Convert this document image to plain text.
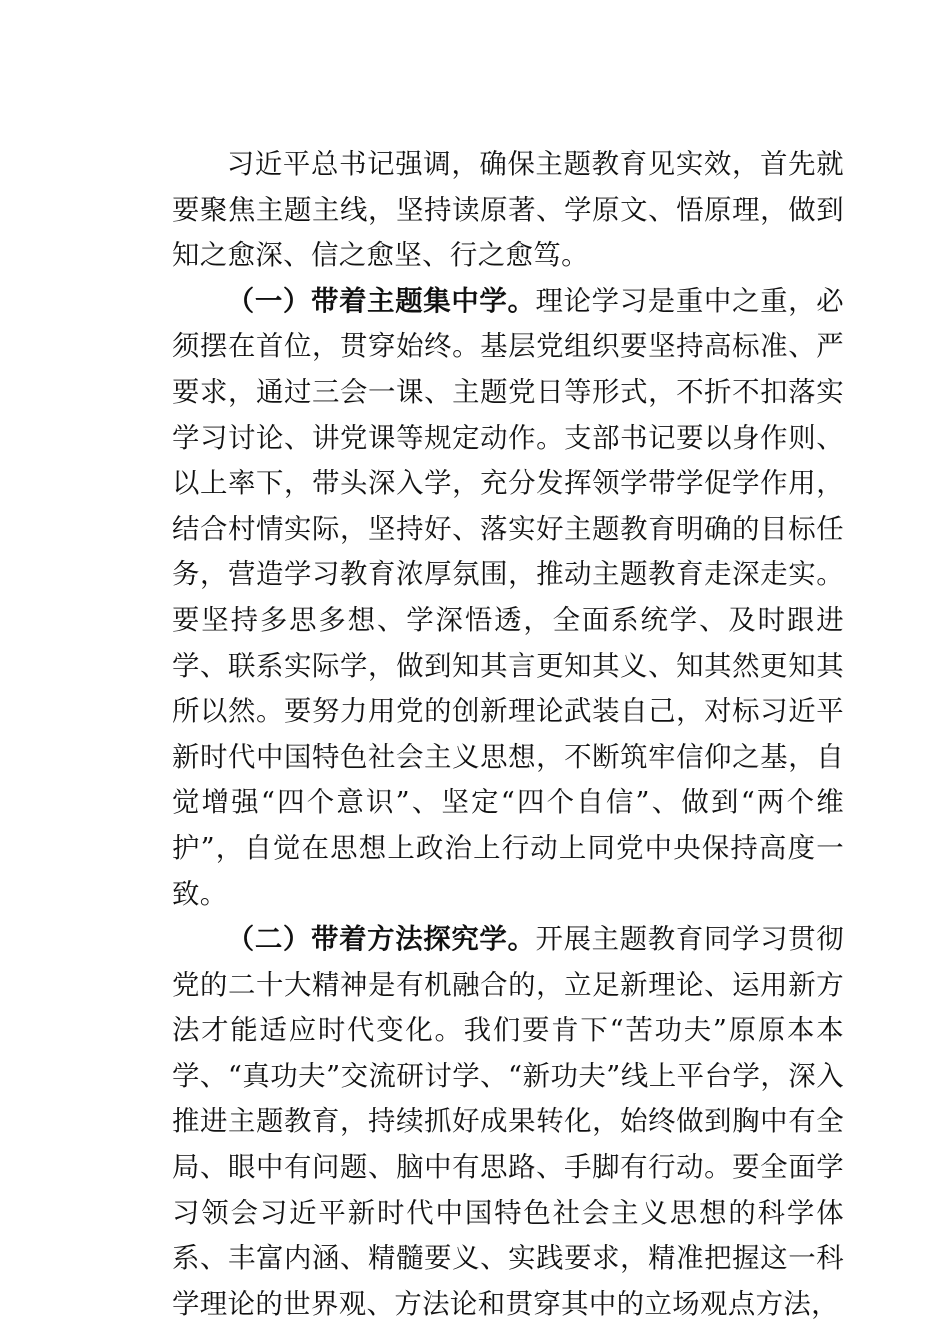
习近平总书记强调，确保主题教育见实效，首先就要聚焦主题主线，坚持读原著、学原文、悟原理，做到知之愈深、信之愈坚、行之愈笃。

（一）带着主题集中学。理论学习是重中之重，必须摆在首位，贯穿始终。基层党组织要坚持高标准、严要求，通过三会一课、主题党日等形式，不折不扣落实学习讨论、讲党课等规定动作。支部书记要以身作则、以上率下，带头深入学，充分发挥领学带学促学作用，结合村情实际，坚持好、落实好主题教育明确的目标任务，营造学习教育浓厚氛围，推动主题教育走深走实。要坚持多思多想、学深悟透，全面系统学、及时跟进学、联系实际学，做到知其言更知其义、知其然更知其所以然。要努力用党的创新理论武装自己，对标习近平新时代中国特色社会主义思想，不断筑牢信仰之基，自觉增强“四个意识”、坚定“四个自信”、做到“两个维护”，自觉在思想上政治上行动上同党中央保持高度一致。

（二）带着方法探究学。开展主题教育同学习贯彻党的二十大精神是有机融合的，立足新理论、运用新方法才能适应时代变化。我们要肯下“苦功夫”原原本本学、“真功夫”交流研讨学、“新功夫”线上平台学，深入推进主题教育，持续抓好成果转化，始终做到胸中有全局、眼中有问题、脑中有思路、手脚有行动。要全面学习领会习近平新时代中国特色社会主义思想的科学体系、丰富内涵、精髓要义、实践要求，精准把握这一科学理论的世界观、方法论和贯穿其中的立场观点方法，
